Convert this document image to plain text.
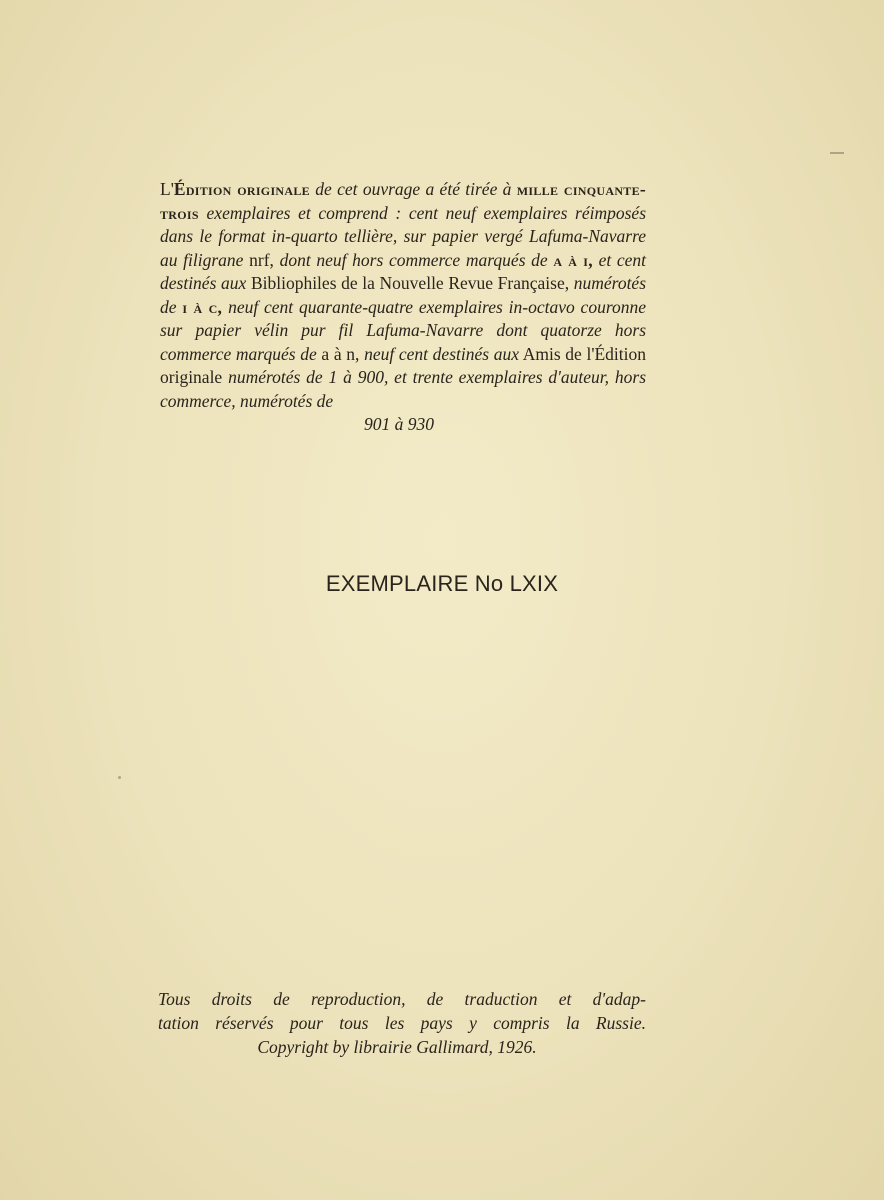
L'Édition originale de cet ouvrage a été tirée à mille cinquante-trois exemplaires et comprend : cent neuf exemplaires réimposés dans le format in-quarto tellière, sur papier vergé Lafuma-Navarre au filigrane nrf, dont neuf hors commerce marqués de a à i, et cent destinés aux Bibliophiles de la Nouvelle Revue Française, numérotés de i à c, neuf cent quarante-quatre exemplaires in-octavo couronne sur papier vélin pur fil Lafuma-Navarre dont quatorze hors commerce marqués de a à n, neuf cent destinés aux Amis de l'Édition originale numérotés de 1 à 900, et trente exemplaires d'auteur, hors commerce, numérotés de
901 à 930

EXEMPLAIRE No LXIX

Tous droits de reproduction, de traduction et d'adap-

tation réservés pour tous les pays y compris la Russie.

Copyright by librairie Gallimard, 1926.
